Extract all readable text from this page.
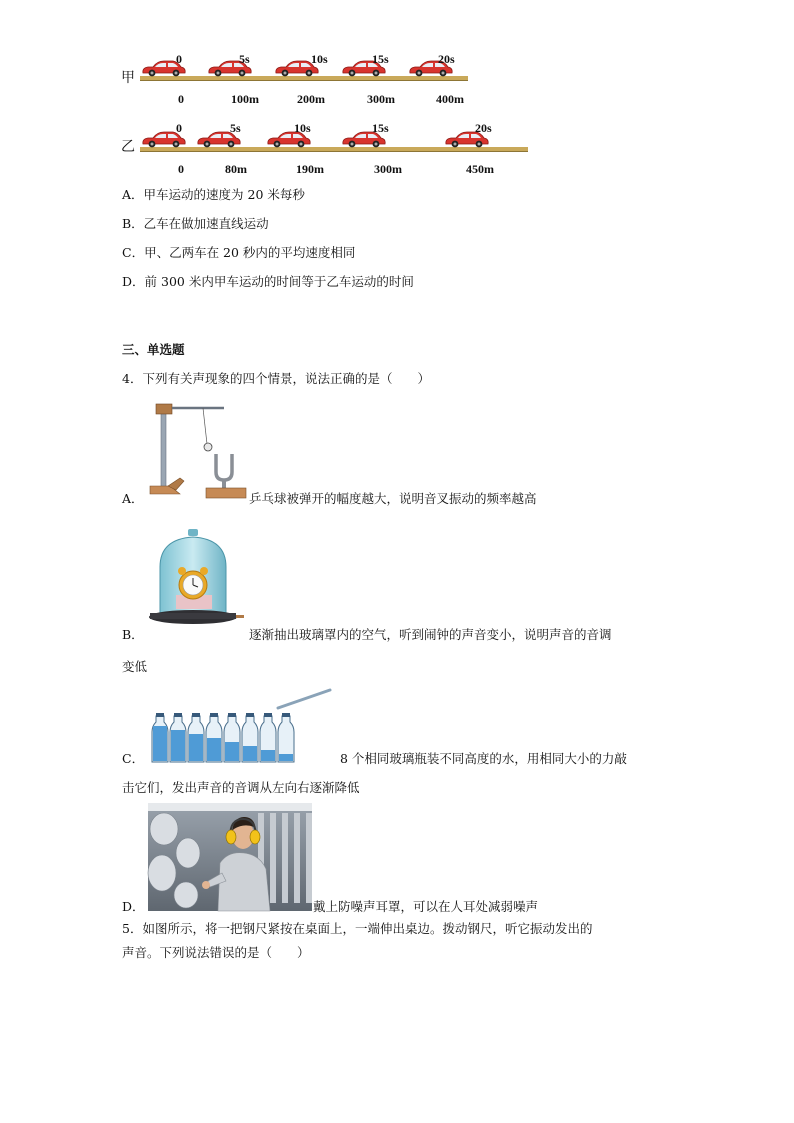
甲
0	5s	10s	15s	20s
0	100m	200m	300m	400m
乙
0	5s	10s	15s	20s
0	80m	190m	300m	450m
A．甲车运动的速度为 20 米每秒
B．乙车在做加速直线运动
C．甲、乙两车在 20 秒内的平均速度相同
D．前 300 米内甲车运动的时间等于乙车运动的时间
三、单选题
4．下列有关声现象的四个情景，说法正确的是（　　）
A．	乒乓球被弹开的幅度越大，说明音叉振动的频率越高
B．	逐渐抽出玻璃罩内的空气，听到闹钟的声音变小，说明声音的音调
变低
C．	8 个相同玻璃瓶装不同高度的水，用相同大小的力敲
击它们，发出声音的音调从左向右逐渐降低
D．	戴上防噪声耳罩，可以在人耳处减弱噪声
5．如图所示，将一把钢尺紧按在桌面上，一端伸出桌边。拨动钢尺，听它振动发出的
声音。下列说法错误的是（　　）
